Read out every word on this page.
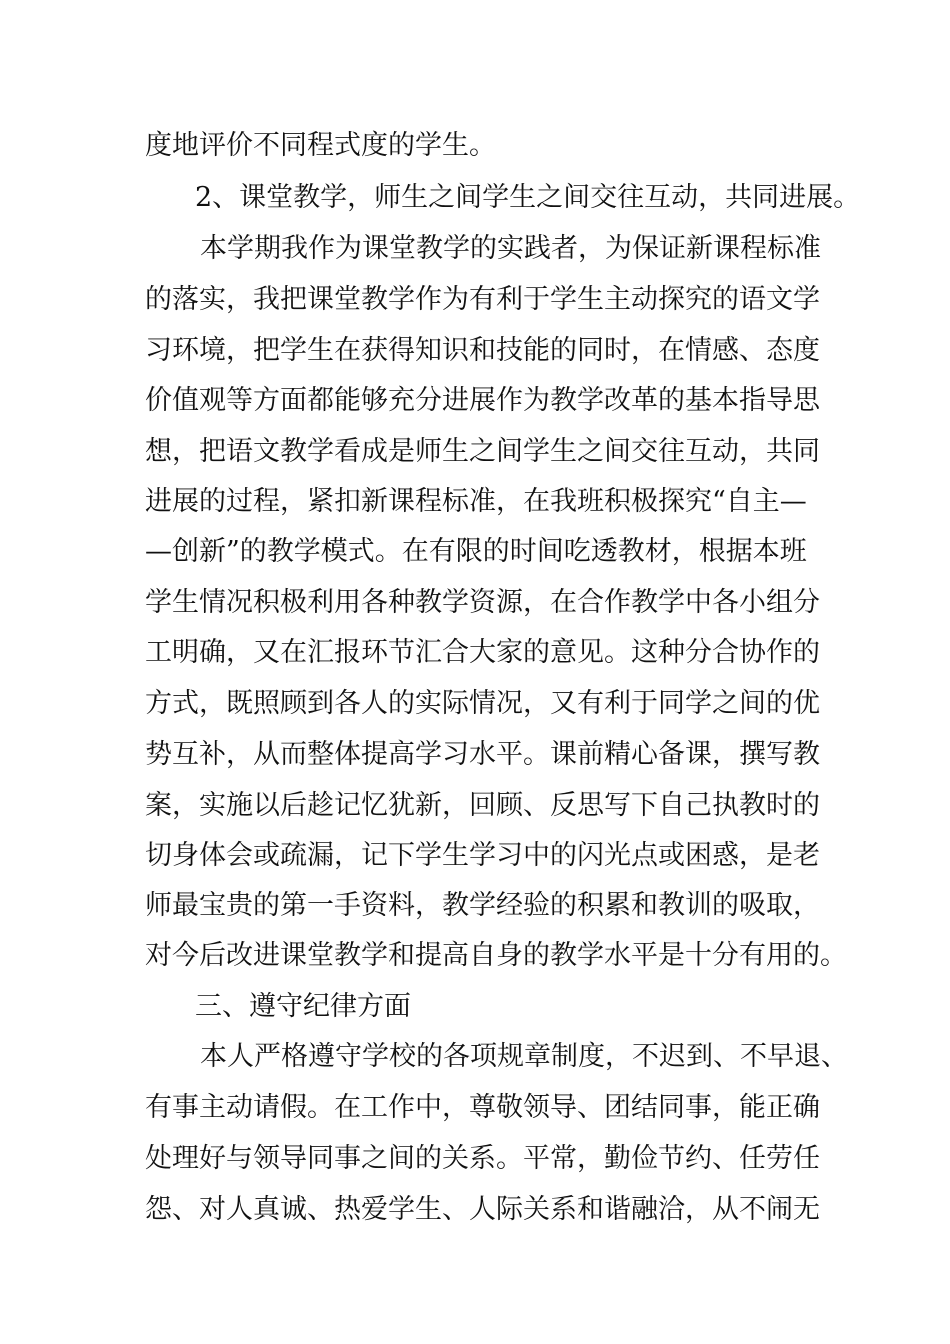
度地评价不同程式度的学生。
2、课堂教学，师生之间学生之间交往互动，共同进展。
本学期我作为课堂教学的实践者，为保证新课程标准
的落实，我把课堂教学作为有利于学生主动探究的语文学
习环境，把学生在获得知识和技能的同时，在情感、态度
价值观等方面都能够充分进展作为教学改革的基本指导思
想，把语文教学看成是师生之间学生之间交往互动，共同
进展的过程，紧扣新课程标准，在我班积极探究“自主—
—创新”的教学模式。在有限的时间吃透教材，根据本班
学生情况积极利用各种教学资源，在合作教学中各小组分
工明确，又在汇报环节汇合大家的意见。这种分合协作的
方式，既照顾到各人的实际情况，又有利于同学之间的优
势互补，从而整体提高学习水平。课前精心备课，撰写教
案，实施以后趁记忆犹新，回顾、反思写下自己执教时的
切身体会或疏漏，记下学生学习中的闪光点或困惑，是老
师最宝贵的第一手资料，教学经验的积累和教训的吸取，
对今后改进课堂教学和提高自身的教学水平是十分有用的。
三、遵守纪律方面
本人严格遵守学校的各项规章制度，不迟到、不早退、
有事主动请假。在工作中，尊敬领导、团结同事，能正确
处理好与领导同事之间的关系。平常，勤俭节约、任劳任
怨、对人真诚、热爱学生、人际关系和谐融洽，从不闹无
